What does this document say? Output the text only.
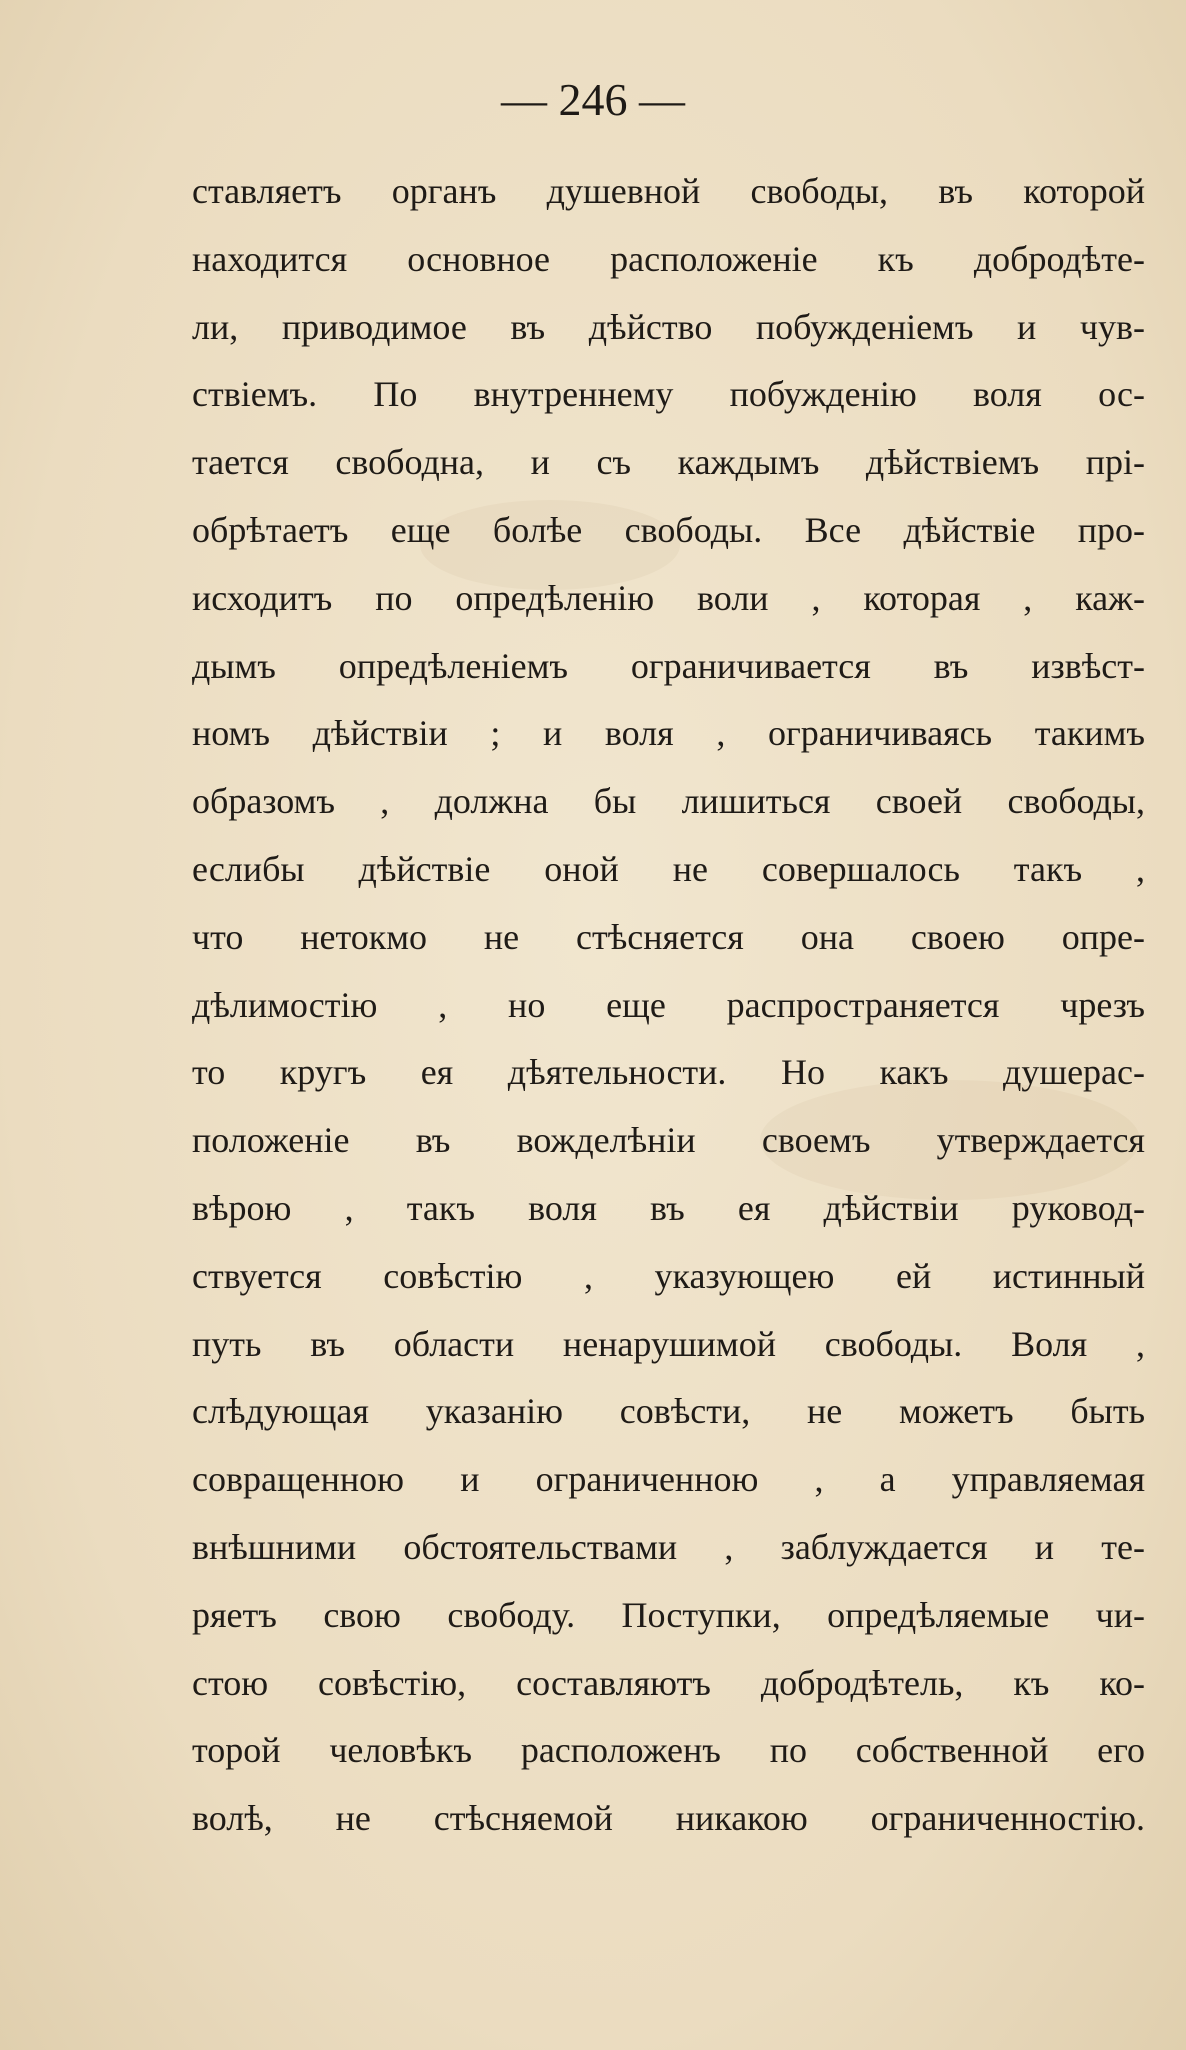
— 246 —
ставляетъ органъ душевной свободы, въ которой
находится основное расположеніе къ добродѣте-
ли, приводимое въ дѣйство побужденіемъ и чув-
ствіемъ. По внутреннему побужденію воля ос-
тается свободна, и съ каждымъ дѣйствіемъ прі-
обрѣтаетъ еще болѣе свободы. Все дѣйствіе про-
исходитъ по опредѣленію воли , которая , каж-
дымъ опредѣленіемъ ограничивается въ извѣст-
номъ дѣйствіи ; и воля , ограничиваясь такимъ
образомъ , должна бы лишиться своей свободы,
еслибы дѣйствіе оной не совершалось такъ ,
что нетокмо не стѣсняется она своею опре-
дѣлимостію , но еще распространяется чрезъ
то кругъ ея дѣятельности. Но какъ душерас-
положеніе въ вожделѣніи своемъ утверждается
вѣрою , такъ воля въ ея дѣйствіи руковод-
ствуется совѣстію , указующею ей истинный
путь въ области ненарушимой свободы. Воля ,
слѣдующая указанію совѣсти, не можетъ быть
совращенною и ограниченною , а управляемая
внѣшними обстоятельствами , заблуждается и те-
ряетъ свою свободу. Поступки, опредѣляемые чи-
стою совѣстію, составляютъ добродѣтель, къ ко-
торой человѣкъ расположенъ по собственной его
волѣ, не стѣсняемой никакою ограниченностію.
